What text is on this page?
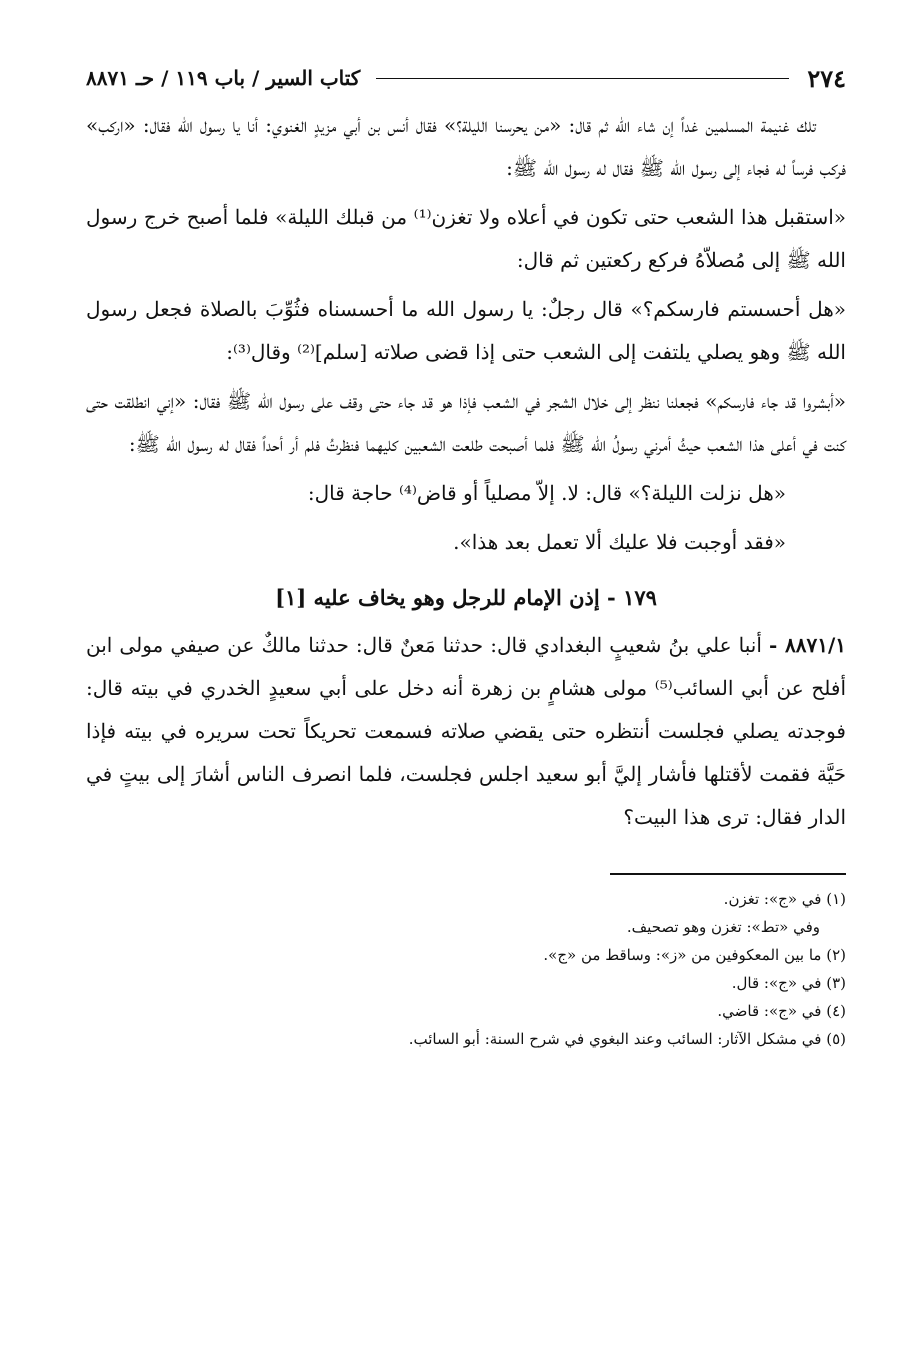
٢٧٤
كتاب السير / باب ١١٩ / حـ ٨٨٧١

تلك غنيمة المسلمين غداً إن شاء الله ثم قال: «من يحرسنا الليلة؟» فقال أنس بن أبي مزيدٍ الغنوي: أنا يا رسول الله فقال: «اركب» فركب فرساً له فجاء إلى رسول الله ﷺ فقال له رسول الله ﷺ:

«استقبل هذا الشعب حتى تكون في أعلاه ولا تغزن⁽¹⁾ من قبلك الليلة» فلما أصبح خرج رسول الله ﷺ إلى مُصلاّهُ فركع ركعتين ثم قال:

«هل أحسستم فارسكم؟» قال رجلٌ: يا رسول الله ما أحسسناه فثُوِّبَ بالصلاة فجعل رسول الله ﷺ وهو يصلي يلتفت إلى الشعب حتى إذا قضى صلاته [سلم]⁽²⁾ وقال⁽³⁾:

«أبشروا قد جاء فارسكم» فجعلنا ننظر إلى خلال الشجر في الشعب فإذا هو قد جاء حتى وقف على رسول الله ﷺ فقال: «إني انطلقت حتى كنت في أعلى هذا الشعب حيثُ أمرني رسولُ الله ﷺ فلما أصبحت طلعت الشعبين كليهما فنظرتُ فلم أر أحداً فقال له رسول الله ﷺ:

«هل نزلت الليلة؟» قال: لا. إلاّ مصلياً أو قاض⁽⁴⁾ حاجة قال:

«فقد أوجبت فلا عليك ألا تعمل بعد هذا».

١٧٩ - إذن الإمام للرجل وهو يخاف عليه [١]

٨٨٧١/١ - أنبا علي بنُ شعيبٍ البغدادي قال: حدثنا مَعنٌ قال: حدثنا مالكٌ عن صيفي مولى ابن أفلح عن أبي السائب⁽⁵⁾ مولى هشامٍ بن زهرة أنه دخل على أبي سعيدٍ الخدري في بيته قال: فوجدته يصلي فجلست أنتظره حتى يقضي صلاته فسمعت تحريكاً تحت سريره في بيته فإذا حَيَّة فقمت لأقتلها فأشار إليَّ أبو سعيد اجلس فجلست، فلما انصرف الناس أشارَ إلى بيتٍ في الدار فقال: ترى هذا البيت؟

(١) في «ج»: تغزن.

وفي «تط»: تغزن وهو تصحيف.

(٢) ما بين المعكوفين من «ز»: وساقط من «ج».

(٣) في «ج»: قال.

(٤) في «ج»: قاضي.

(٥) في مشكل الآثار: السائب وعند البغوي في شرح السنة: أبو السائب.
